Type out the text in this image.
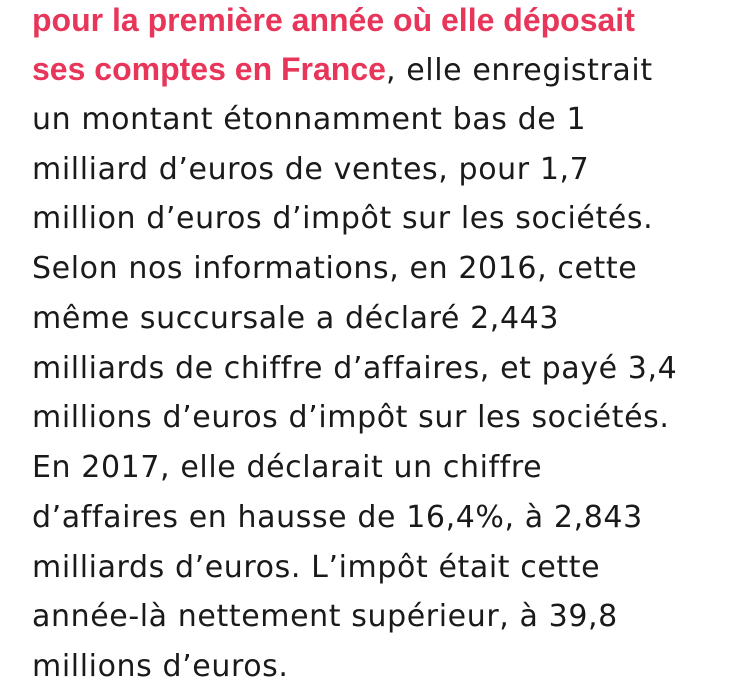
pour la première année où elle déposait
ses comptes en France, elle enregistrait
un montant étonnamment bas de 1
milliard d’euros de ventes, pour 1,7
million d’euros d’impôt sur les sociétés.
Selon nos informations, en 2016, cette
même succursale a déclaré 2,443
milliards de chiffre d’affaires, et payé 3,4
millions d’euros d’impôt sur les sociétés.
En 2017, elle déclarait un chiffre
d’affaires en hausse de 16,4%, à 2,843
milliards d’euros. L’impôt était cette
année-là nettement supérieur, à 39,8
millions d’euros.
